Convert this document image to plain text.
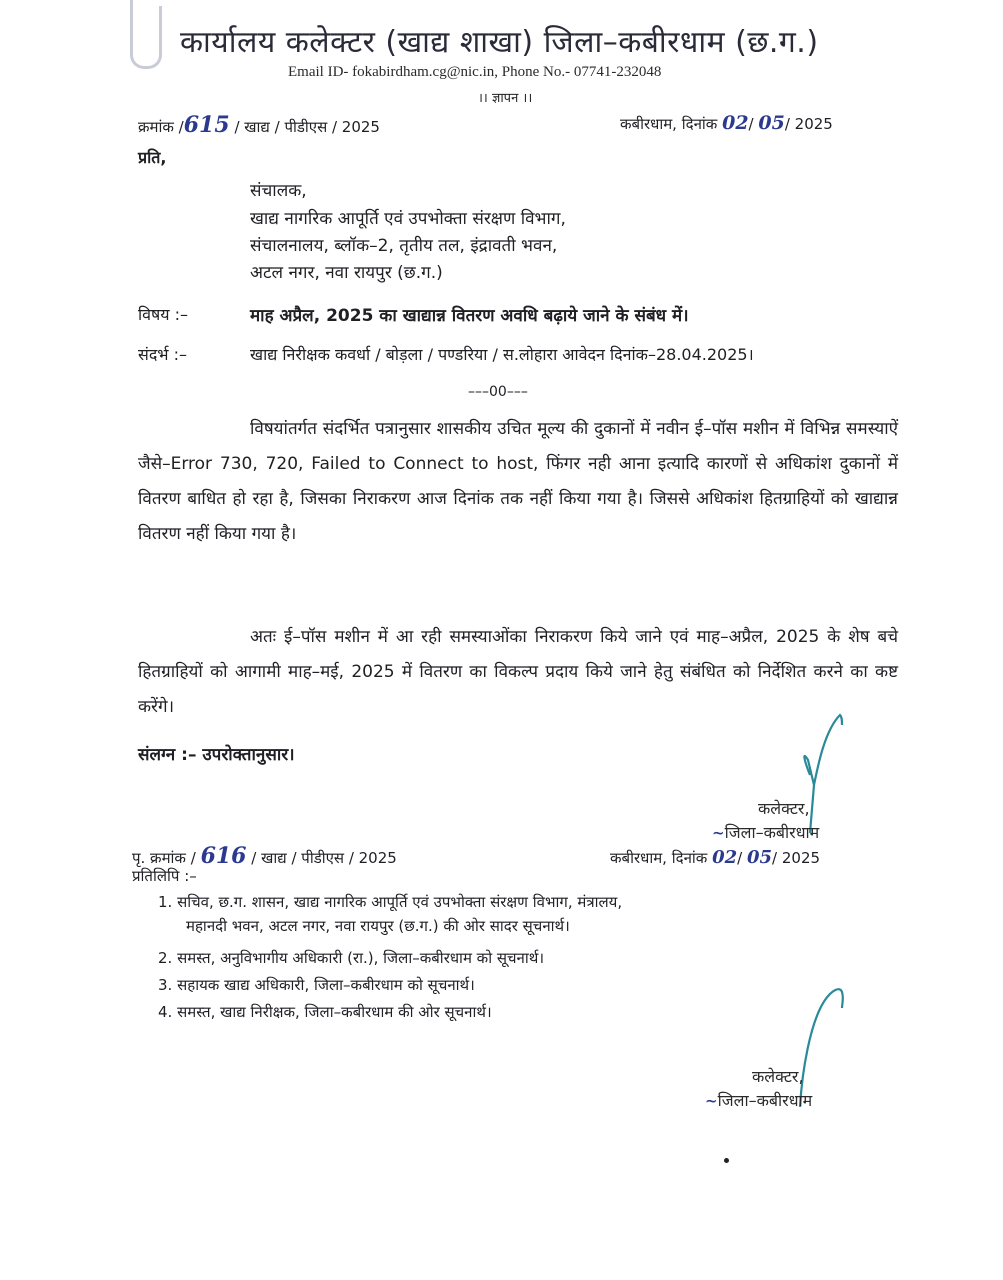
कार्यालय कलेक्टर (खाद्य शाखा) जिला–कबीरधाम (छ.ग.)
Email ID- fokabirdham.cg@nic.in, Phone No.- 07741-232048
।। ज्ञापन ।।
क्रमांक /615 / खाद्य / पीडीएस / 2025	कबीरधाम, दिनांक 02/ 05/ 2025
प्रति,
संचालक,
खाद्य नागरिक आपूर्ति एवं उपभोक्ता संरक्षण विभाग,
संचालनालय, ब्लॉक–2, तृतीय तल, इंद्रावती भवन,
अटल नगर, नवा रायपुर (छ.ग.)
विषय :–	माह अप्रैल, 2025 का खाद्यान्न वितरण अवधि बढ़ाये जाने के संबंध में।
संदर्भ :–	खाद्य निरीक्षक कवर्धा / बोड़ला / पण्डरिया / स.लोहारा आवेदन दिनांक–28.04.2025।
–––00–––
विषयांतर्गत संदर्भित पत्रानुसार शासकीय उचित मूल्य की दुकानों में नवीन ई–पॉस मशीन में विभिन्न समस्याऐं जैसे–Error 730, 720, Failed to Connect to host, फिंगर नही आना इत्यादि कारणों से अधिकांश दुकानों में वितरण बाधित हो रहा है, जिसका निराकरण आज दिनांक तक नहीं किया गया है। जिससे अधिकांश हितग्राहियों को खाद्यान्न वितरण नहीं किया गया है।
अतः ई–पॉस मशीन में आ रही समस्याओंका निराकरण किये जाने एवं माह–अप्रैल, 2025 के शेष बचे हितग्राहियों को आगामी माह–मई, 2025 में वितरण का विकल्प प्रदाय किये जाने हेतु संबंधित को निर्देशित करने का कष्ट करेंगे।
संलग्न :– उपरोक्तानुसार।
कलेक्टर,
~जिला–कबीरधाम
पृ. क्रमांक / 616 / खाद्य / पीडीएस / 2025	कबीरधाम, दिनांक 02/ 05/ 2025
प्रतिलिपि :–
1. सचिव, छ.ग. शासन, खाद्य नागरिक आपूर्ति एवं उपभोक्ता संरक्षण विभाग, मंत्रालय,
महानदी भवन, अटल नगर, नवा रायपुर (छ.ग.) की ओर सादर सूचनार्थ।
2. समस्त, अनुविभागीय अधिकारी (रा.), जिला–कबीरधाम को सूचनार्थ।
3. सहायक खाद्य अधिकारी, जिला–कबीरधाम को सूचनार्थ।
4. समस्त, खाद्य निरीक्षक, जिला–कबीरधाम की ओर सूचनार्थ।
कलेक्टर,
~जिला–कबीरधाम
